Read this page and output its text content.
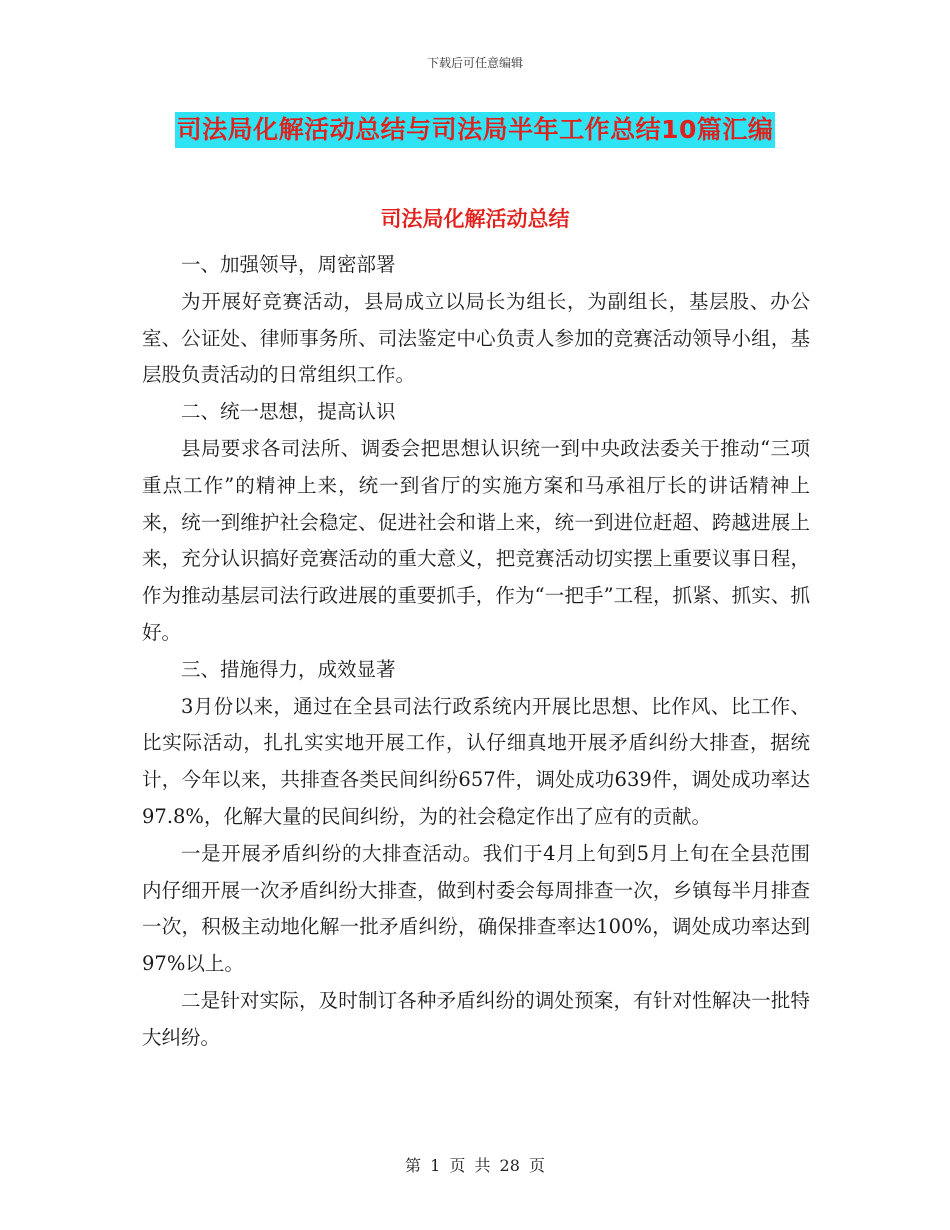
下载后可任意编辑
司法局化解活动总结与司法局半年工作总结10篇汇编
司法局化解活动总结

一、加强领导，周密部署

为开展好竞赛活动，县局成立以局长为组长，为副组长，基层股、办公室、公证处、律师事务所、司法鉴定中心负责人参加的竞赛活动领导小组，基层股负责活动的日常组织工作。

二、统一思想，提高认识

县局要求各司法所、调委会把思想认识统一到中央政法委关于推动“三项重点工作”的精神上来，统一到省厅的实施方案和马承祖厅长的讲话精神上来，统一到维护社会稳定、促进社会和谐上来，统一到进位赶超、跨越进展上来，充分认识搞好竞赛活动的重大意义，把竞赛活动切实摆上重要议事日程，作为推动基层司法行政进展的重要抓手，作为“一把手”工程，抓紧、抓实、抓好。

三、措施得力，成效显著

3月份以来，通过在全县司法行政系统内开展比思想、比作风、比工作、比实际活动，扎扎实实地开展工作，认仔细真地开展矛盾纠纷大排查，据统计，今年以来，共排查各类民间纠纷657件，调处成功639件，调处成功率达97.8%，化解大量的民间纠纷，为的社会稳定作出了应有的贡献。

一是开展矛盾纠纷的大排查活动。我们于4月上旬到5月上旬在全县范围内仔细开展一次矛盾纠纷大排查，做到村委会每周排查一次，乡镇每半月排查一次，积极主动地化解一批矛盾纠纷，确保排查率达100%，调处成功率达到97%以上。

二是针对实际，及时制订各种矛盾纠纷的调处预案，有针对性解决一批特大纠纷。

第 1 页 共 28 页
